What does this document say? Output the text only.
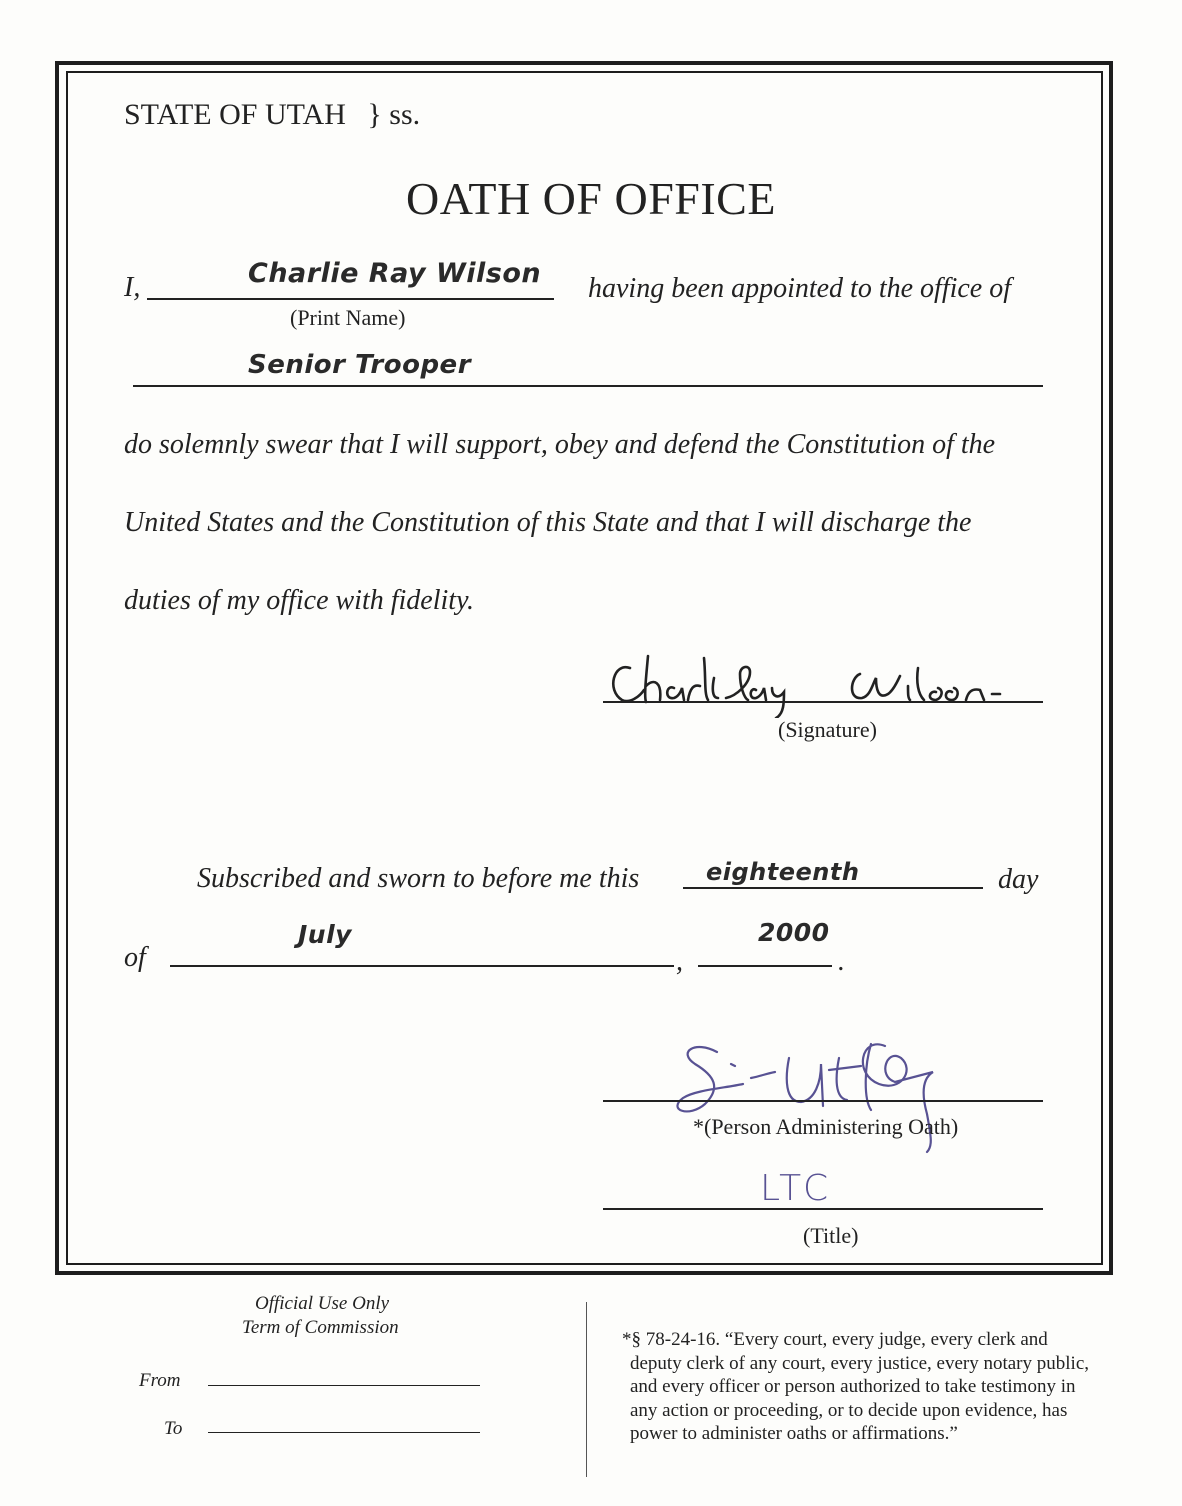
STATE OF UTAH } ss.
OATH OF OFFICE
I,	Charlie Ray Wilson
(Print Name)
having been appointed to the office of
Senior Trooper
do solemnly swear that I will support, obey and defend the Constitution of the
United States and the Constitution of this State and that I will discharge the
duties of my office with fidelity.
(Signature)
Subscribed and sworn to before me this	eighteenth	day
of
July
,
2000
.
*(Person Administering Oath)
LTC
(Title)
Official Use Only
Term of Commission
From
To
*§ 78-24-16. “Every court, every judge, every clerk and
deputy clerk of any court, every justice, every notary public,
and every officer or person authorized to take testimony in
any action or proceeding, or to decide upon evidence, has
power to administer oaths or affirmations.”
